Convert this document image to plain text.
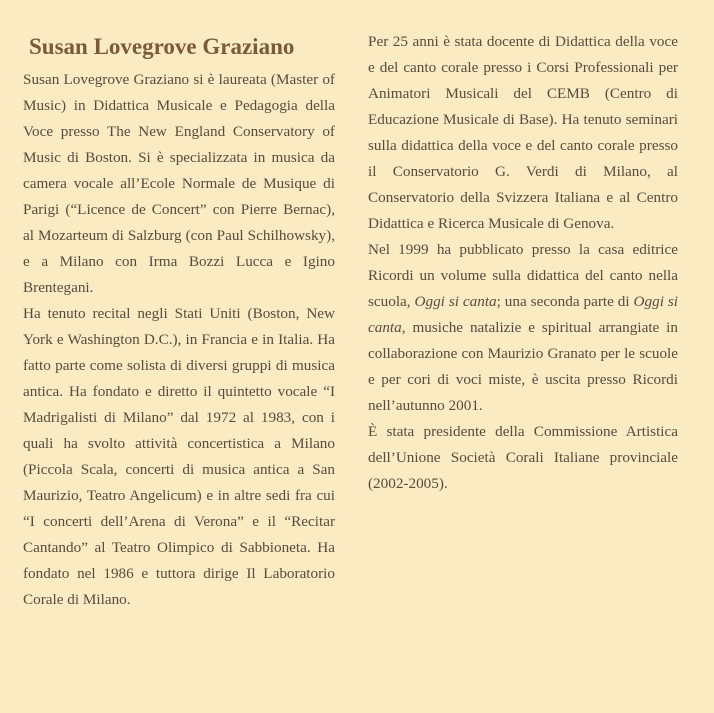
Susan Lovegrove Graziano

Susan Lovegrove Graziano si è laureata (Master of Music) in Didattica Musicale e Pedagogia della Voce presso The New England Conservatory of Music di Boston. Si è specializzata in musica da camera vocale all’Ecole Normale de Musique di Parigi (“Licence de Concert” con Pierre Bernac), al Mozarteum di Salzburg (con Paul Schilhowsky), e a Milano con Irma Bozzi Lucca e Igino Brentegani.

Ha tenuto recital negli Stati Uniti (Boston, New York e Washington D.C.), in Francia e in Italia. Ha fatto parte come solista di diversi gruppi di musica antica. Ha fondato e diretto il quintetto vocale “I Madrigalisti di Milano” dal 1972 al 1983, con i quali ha svolto attività concertistica a Milano (Piccola Scala, concerti di musica antica a San Maurizio, Teatro Angelicum) e in altre sedi fra cui “I concerti dell’Arena di Verona” e il “Recitar Cantando” al Teatro Olimpico di Sabbioneta. Ha fondato nel 1986 e tuttora dirige Il Laboratorio Corale di Milano.

Per 25 anni è stata docente di Didattica della voce e del canto corale presso i Corsi Professionali per Animatori Musicali del CEMB (Centro di Educazione Musicale di Base). Ha tenuto seminari sulla didattica della voce e del canto corale presso il Conservatorio G. Verdi di Milano, al Conservatorio della Svizzera Italiana e al Centro Didattica e Ricerca Musicale di Genova.

Nel 1999 ha pubblicato presso la casa editrice Ricordi un volume sulla didattica del canto nella scuola, Oggi si canta; una seconda parte di Oggi si canta, musiche natalizie e spiritual arrangiate in collaborazione con Maurizio Granato per le scuole e per cori di voci miste, è uscita presso Ricordi nell’autunno 2001.

È stata presidente della Commissione Artistica dell’Unione Società Corali Italiane provinciale (2002-2005).
